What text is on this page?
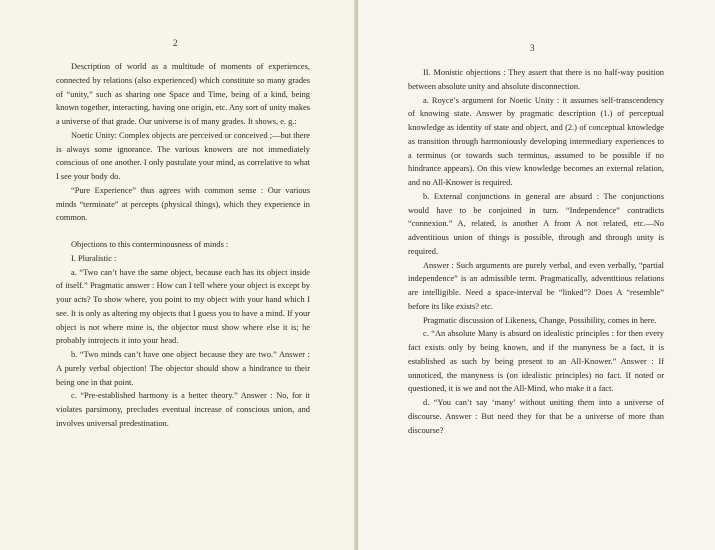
2

Description of world as a multitude of moments of experiences, connected by relations (also experienced) which constitute so many grades of “unity,” such as sharing one Space and Time, being of a kind, being known together, interacting, having one origin, etc. Any sort of unity makes a universe of that grade. Our universe is of many grades. It shows, e. g.:

Noetic Unity: Complex objects are perceived or conceived ;—but there is always some ignorance. The various knowers are not immediately conscious of one another. I only postulate your mind, as correlative to what I see your body do.

“Pure Experience” thus agrees with common sense : Our various minds “terminate” at percepts (physical things), which they experience in common.

Objections to this conterminousness of minds :

I. Pluralistic :

a. “Two can’t have the same object, because each has its object inside of itself.” Pragmatic answer : How can I tell where your object is except by your acts? To show where, you point to my object with your hand which I see. It is only as altering my objects that I guess you to have a mind. If your object is not where mine is, the objector must show where else it is; he probably introjects it into your head.

b. “Two minds can’t have one object because they are two.” Answer : A purely verbal objection! The objector should show a hindrance to their being one in that point.

c. “Pre-established harmony is a better theory.” Answer : No, for it violates parsimony, precludes eventual increase of conscious union, and involves universal predestination.

3

II. Monistic objections : They assert that there is no half-way position between absolute unity and absolute disconnection.

a. Royce’s argument for Noetic Unity : it assumes self-transcendency of knowing state. Answer by pragmatic description (1.) of perceptual knowledge as identity of state and object, and (2.) of conceptual knowledge as transition through harmoniously developing intermediary experiences to a terminus (or towards such terminus, assumed to be possible if no hindrance appears). On this view knowledge becomes an external relation, and no All-Knower is required.

b. External conjunctions in general are absurd : The conjunctions would have to be conjoined in turn. “Independence” contradicts “connexion.” A, related, is another A from A not related, etc.—No adventitious union of things is possible, through and through unity is required.

Answer : Such arguments are purely verbal, and even verbally, “partial independence” is an admissible term. Pragmatically, adventitious relations are intelligible. Need a space-interval be “linked”? Does A “resemble” before its like exists? etc.

Pragmatic discussion of Likeness, Change, Possibility, comes in here.

c. “An absolute Many is absurd on idealistic principles : for then every fact exists only by being known, and if the manyness be a fact, it is established as such by being present to an All-Knower.” Answer : If unnoticed, the manyness is (on idealistic principles) no fact. If noted or questioned, it is we and not the All-Mind, who make it a fact.

d. “You can’t say ‘many’ without uniting them into a universe of discourse. Answer : But need they for that be a universe of more than discourse?
